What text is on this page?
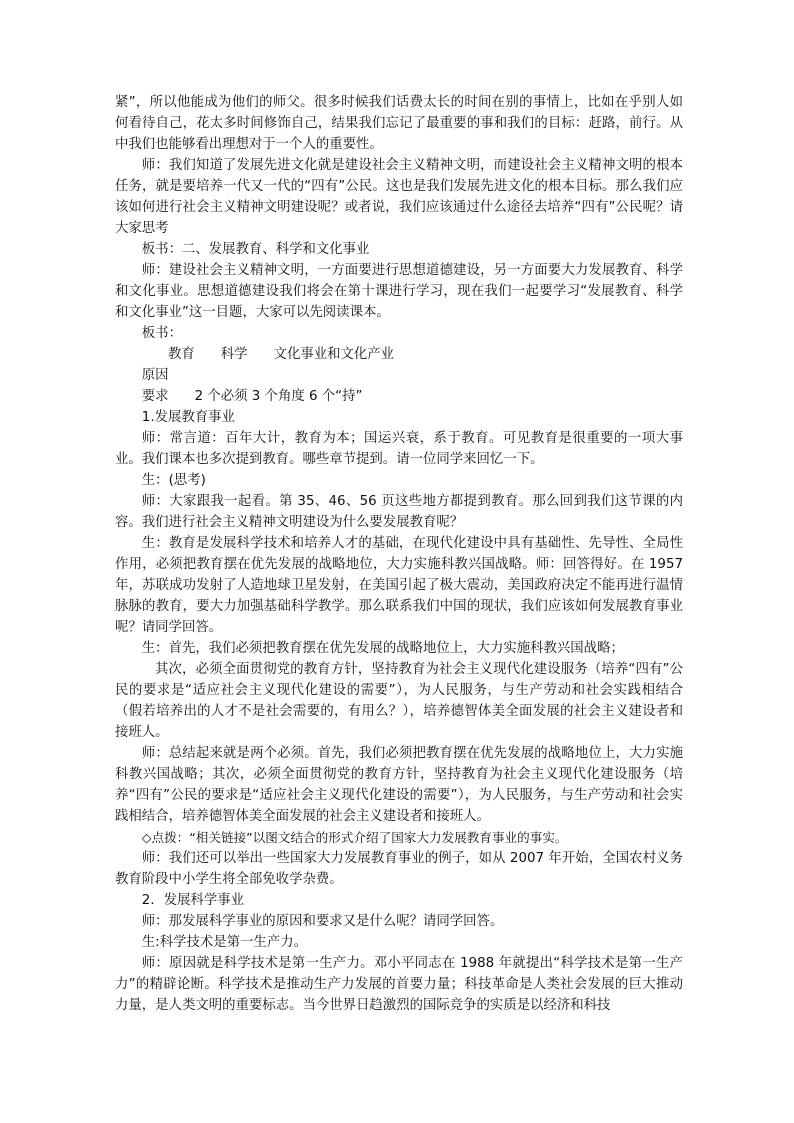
紧”，所以他能成为他们的师父。很多时候我们话费太长的时间在别的事情上，比如在乎别人如何看待自己，花太多时间修饰自己，结果我们忘记了最重要的事和我们的目标：赶路，前行。从中我们也能够看出理想对于一个人的重要性。

师：我们知道了发展先进文化就是建设社会主义精神文明，而建设社会主义精神文明的根本任务，就是要培养一代又一代的“四有”公民。这也是我们发展先进文化的根本目标。那么我们应该如何进行社会主义精神文明建设呢？或者说，我们应该通过什么途径去培养“四有”公民呢？请大家思考

板书：二、发展教育、科学和文化事业

师：建设社会主义精神文明，一方面要进行思想道德建设，另一方面要大力发展教育、科学和文化事业。思想道德建设我们将会在第十课进行学习，现在我们一起要学习“发展教育、科学和文化事业”这一目题，大家可以先阅读课本。

板书：

教育 科学 文化事业和文化产业
原因
要求 2 个必须 3 个角度 6 个“持”

1.发展教育事业

师：常言道：百年大计，教育为本；国运兴衰，系于教育。可见教育是很重要的一项大事业。我们课本也多次提到教育。哪些章节提到。请一位同学来回忆一下。

生：(思考)

师：大家跟我一起看。第 35、46、56 页这些地方都提到教育。那么回到我们这节课的内容。我们进行社会主义精神文明建设为什么要发展教育呢？

生：教育是发展科学技术和培养人才的基础，在现代化建设中具有基础性、先导性、全局性作用，必须把教育摆在优先发展的战略地位，大力实施科教兴国战略。师：回答得好。在 1957 年，苏联成功发射了人造地球卫星发射，在美国引起了极大震动，美国政府决定不能再进行温情脉脉的教育，要大力加强基础科学教学。那么联系我们中国的现状，我们应该如何发展教育事业呢？请同学回答。

生：首先，我们必须把教育摆在优先发展的战略地位上，大力实施科教兴国战略；

其次，必须全面贯彻党的教育方针，坚持教育为社会主义现代化建设服务（培养“四有”公民的要求是“适应社会主义现代化建设的需要”），为人民服务，与生产劳动和社会实践相结合（假若培养出的人才不是社会需要的，有用么？），培养德智体美全面发展的社会主义建设者和接班人。

师：总结起来就是两个必须。首先，我们必须把教育摆在优先发展的战略地位上，大力实施科教兴国战略；其次，必须全面贯彻党的教育方针，坚持教育为社会主义现代化建设服务（培养“四有”公民的要求是“适应社会主义现代化建设的需要”），为人民服务，与生产劳动和社会实践相结合，培养德智体美全面发展的社会主义建设者和接班人。

◇点拨：“相关链接”以图文结合的形式介绍了国家大力发展教育事业的事实。

师：我们还可以举出一些国家大力发展教育事业的例子，如从 2007 年开始，全国农村义务教育阶段中小学生将全部免收学杂费。

2．发展科学事业

师：那发展科学事业的原因和要求又是什么呢？请同学回答。

生:科学技术是第一生产力。

师：原因就是科学技术是第一生产力。邓小平同志在 1988 年就提出“科学技术是第一生产力”的精辟论断。科学技术是推动生产力发展的首要力量；科技革命是人类社会发展的巨大推动力量，是人类文明的重要标志。当今世界日趋激烈的国际竞争的实质是以经济和科技
